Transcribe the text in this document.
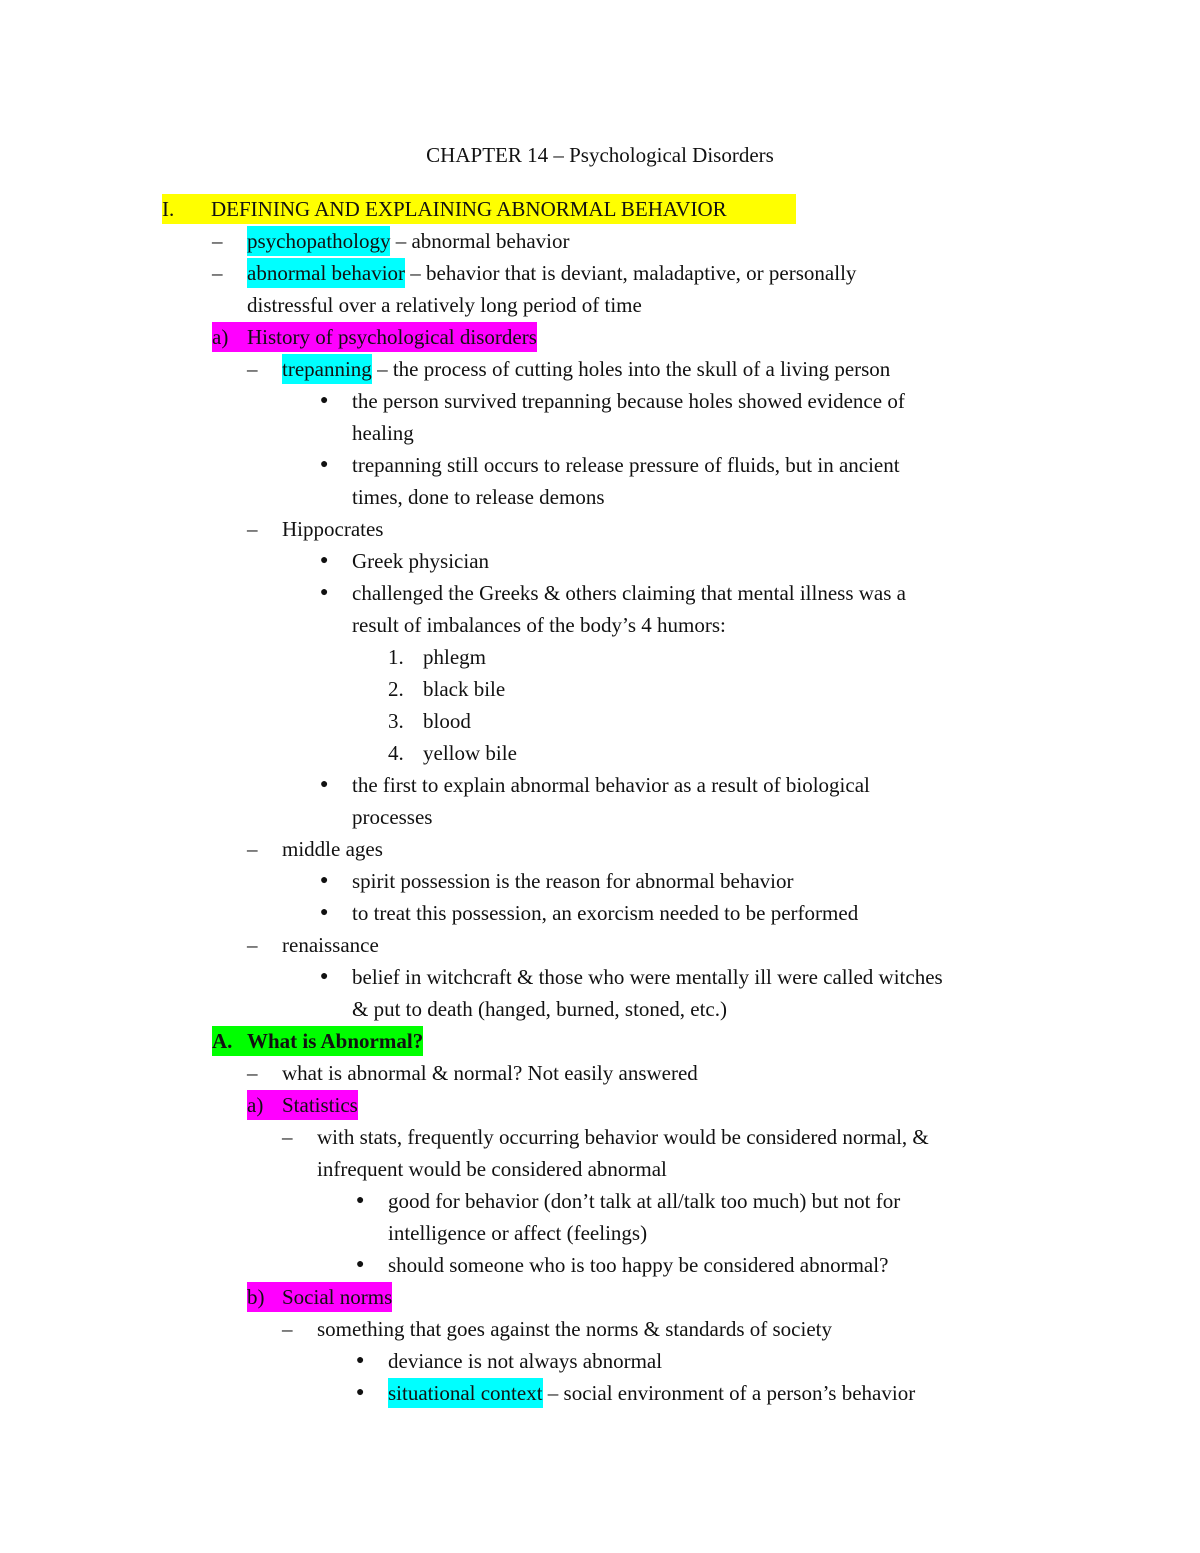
CHAPTER 14 – Psychological Disorders
I. DEFINING AND EXPLAINING ABNORMAL BEHAVIOR

– psychopathology – abnormal behavior
– abnormal behavior – behavior that is deviant, maladaptive, or personally
distressful over a relatively long period of time
a) History of psychological disorders
– trepanning – the process of cutting holes into the skull of a living person
● the person survived trepanning because holes showed evidence of
healing
● trepanning still occurs to release pressure of fluids, but in ancient
times, done to release demons
– Hippocrates
● Greek physician
● challenged the Greeks & others claiming that mental illness was a
result of imbalances of the body’s 4 humors:
1. phlegm
2. black bile
3. blood
4. yellow bile
● the first to explain abnormal behavior as a result of biological
processes
– middle ages
● spirit possession is the reason for abnormal behavior
● to treat this possession, an exorcism needed to be performed
– renaissance
● belief in witchcraft & those who were mentally ill were called witches
& put to death (hanged, burned, stoned, etc.)
A. What is Abnormal?
– what is abnormal & normal? Not easily answered
a) Statistics
– with stats, frequently occurring behavior would be considered normal, &
infrequent would be considered abnormal
● good for behavior (don’t talk at all/talk too much) but not for
intelligence or affect (feelings)
● should someone who is too happy be considered abnormal?
b) Social norms
– something that goes against the norms & standards of society
● deviance is not always abnormal
● situational context – social environment of a person’s behavior
